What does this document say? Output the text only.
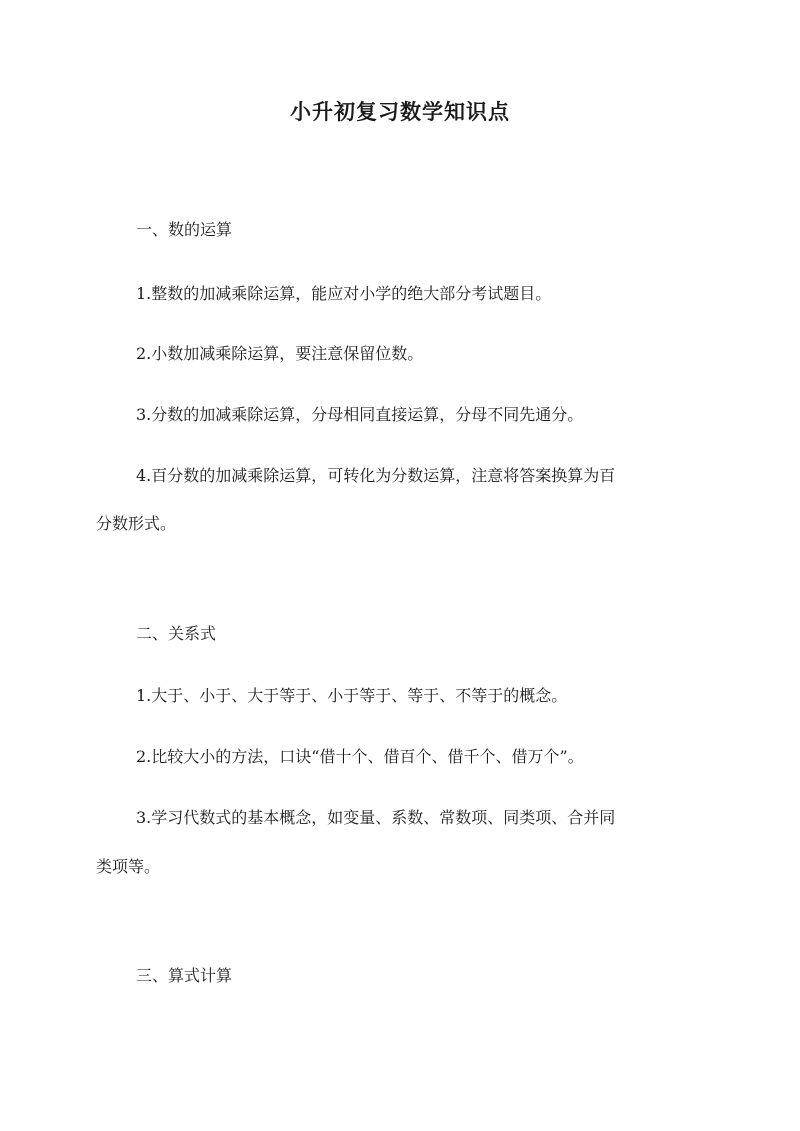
小升初复习数学知识点
一、数的运算
1.整数的加减乘除运算，能应对小学的绝大部分考试题目。
2.小数加减乘除运算，要注意保留位数。
3.分数的加减乘除运算，分母相同直接运算，分母不同先通分。
4.百分数的加减乘除运算，可转化为分数运算，注意将答案换算为百
分数形式。
二、关系式
1.大于、小于、大于等于、小于等于、等于、不等于的概念。
2.比较大小的方法，口诀“借十个、借百个、借千个、借万个”。
3.学习代数式的基本概念，如变量、系数、常数项、同类项、合并同
类项等。
三、算式计算
